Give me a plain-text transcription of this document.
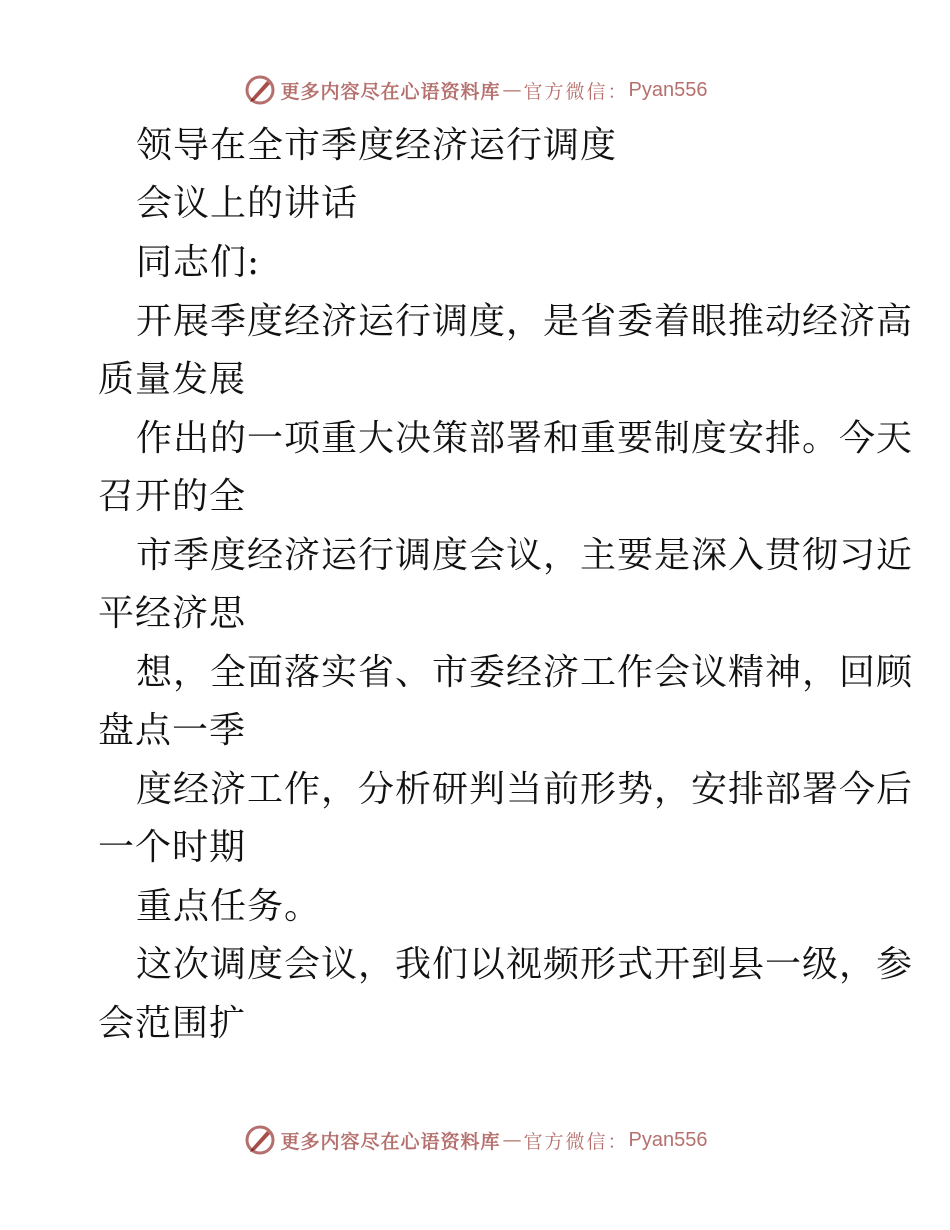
更多内容尽在心语资料库 — 官方微信： Pyan556
领导在全市季度经济运行调度
会议上的讲话
同志们:
开展季度经济运行调度，是省委着眼推动经济高
质量发展
作出的一项重大决策部署和重要制度安排。今天
召开的全
市季度经济运行调度会议，主要是深入贯彻习近
平经济思
想，全面落实省、市委经济工作会议精神，回顾
盘点一季
度经济工作，分析研判当前形势，安排部署今后
一个时期
重点任务。
这次调度会议，我们以视频形式开到县一级，参
会范围扩
更多内容尽在心语资料库 — 官方微信： Pyan556
